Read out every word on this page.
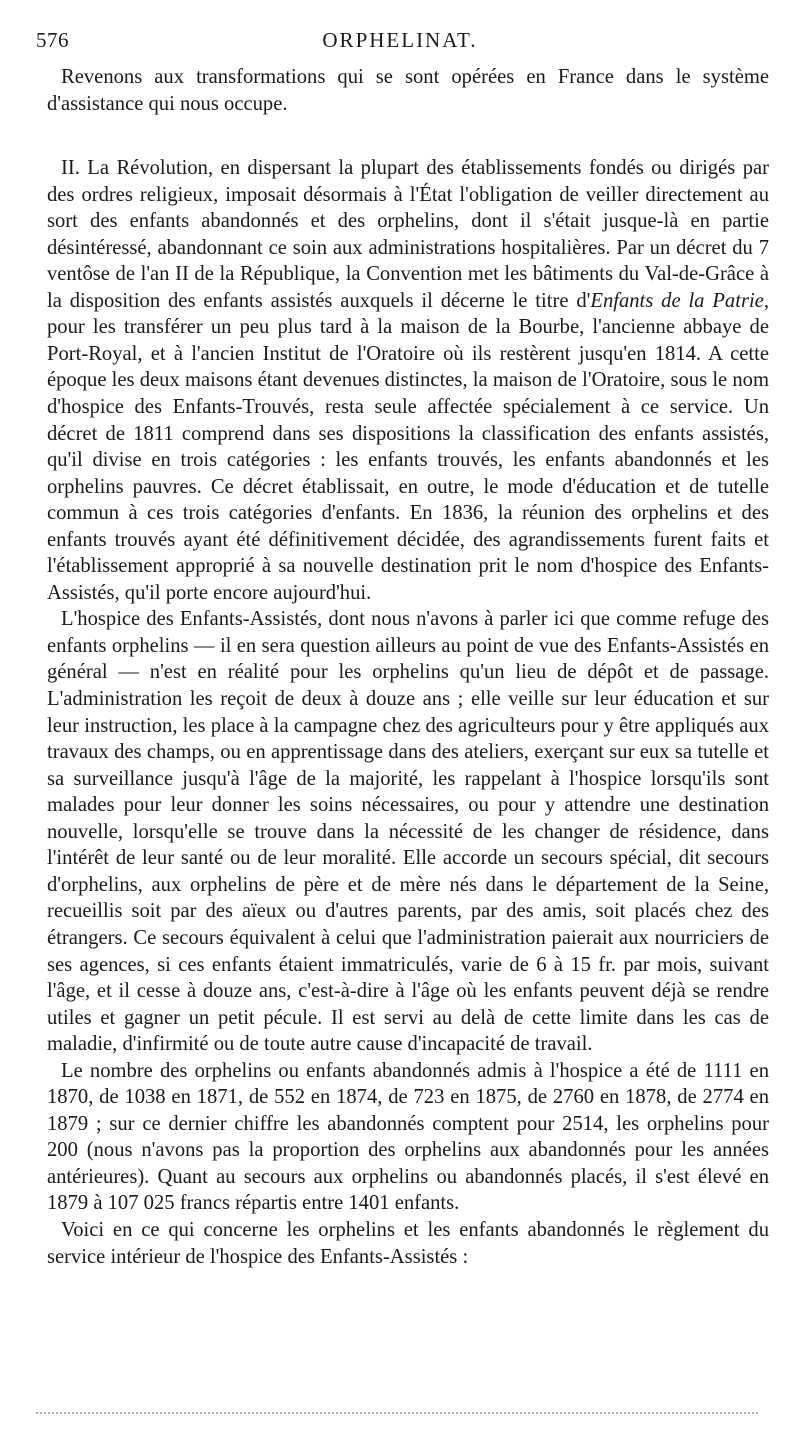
576	ORPHELINAT.

Revenons aux transformations qui se sont opérées en France dans le système d'assistance qui nous occupe.

II. La Révolution, en dispersant la plupart des établissements fondés ou dirigés par des ordres religieux, imposait désormais à l'État l'obligation de veiller directement au sort des enfants abandonnés et des orphelins, dont il s'était jusque-là en partie désintéressé, abandonnant ce soin aux administrations hospitalières. Par un décret du 7 ventôse de l'an II de la République, la Convention met les bâtiments du Val-de-Grâce à la disposition des enfants assistés auxquels il décerne le titre d'Enfants de la Patrie, pour les transférer un peu plus tard à la maison de la Bourbe, l'ancienne abbaye de Port-Royal, et à l'ancien Institut de l'Oratoire où ils restèrent jusqu'en 1814. A cette époque les deux maisons étant devenues distinctes, la maison de l'Oratoire, sous le nom d'hospice des Enfants-Trouvés, resta seule affectée spécialement à ce service. Un décret de 1811 comprend dans ses dispositions la classification des enfants assistés, qu'il divise en trois catégories : les enfants trouvés, les enfants abandonnés et les orphelins pauvres. Ce décret établissait, en outre, le mode d'éducation et de tutelle commun à ces trois catégories d'enfants. En 1836, la réunion des orphelins et des enfants trouvés ayant été définitivement décidée, des agrandissements furent faits et l'établissement approprié à sa nouvelle destination prit le nom d'hospice des Enfants-Assistés, qu'il porte encore aujourd'hui.

L'hospice des Enfants-Assistés, dont nous n'avons à parler ici que comme refuge des enfants orphelins — il en sera question ailleurs au point de vue des Enfants-Assistés en général — n'est en réalité pour les orphelins qu'un lieu de dépôt et de passage. L'administration les reçoit de deux à douze ans ; elle veille sur leur éducation et sur leur instruction, les place à la campagne chez des agriculteurs pour y être appliqués aux travaux des champs, ou en apprentissage dans des ateliers, exerçant sur eux sa tutelle et sa surveillance jusqu'à l'âge de la majorité, les rappelant à l'hospice lorsqu'ils sont malades pour leur donner les soins nécessaires, ou pour y attendre une destination nouvelle, lorsqu'elle se trouve dans la nécessité de les changer de résidence, dans l'intérêt de leur santé ou de leur moralité. Elle accorde un secours spécial, dit secours d'orphelins, aux orphelins de père et de mère nés dans le département de la Seine, recueillis soit par des aïeux ou d'autres parents, par des amis, soit placés chez des étrangers. Ce secours équivalent à celui que l'administration paierait aux nourriciers de ses agences, si ces enfants étaient immatriculés, varie de 6 à 15 fr. par mois, suivant l'âge, et il cesse à douze ans, c'est-à-dire à l'âge où les enfants peuvent déjà se rendre utiles et gagner un petit pécule. Il est servi au delà de cette limite dans les cas de maladie, d'infirmité ou de toute autre cause d'incapacité de travail.

Le nombre des orphelins ou enfants abandonnés admis à l'hospice a été de 1111 en 1870, de 1038 en 1871, de 552 en 1874, de 723 en 1875, de 2760 en 1878, de 2774 en 1879 ; sur ce dernier chiffre les abandonnés comptent pour 2514, les orphelins pour 200 (nous n'avons pas la proportion des orphelins aux abandonnés pour les années antérieures). Quant au secours aux orphelins ou abandonnés placés, il s'est élevé en 1879 à 107 025 francs répartis entre 1401 enfants.

Voici en ce qui concerne les orphelins et les enfants abandonnés le règlement du service intérieur de l'hospice des Enfants-Assistés :
